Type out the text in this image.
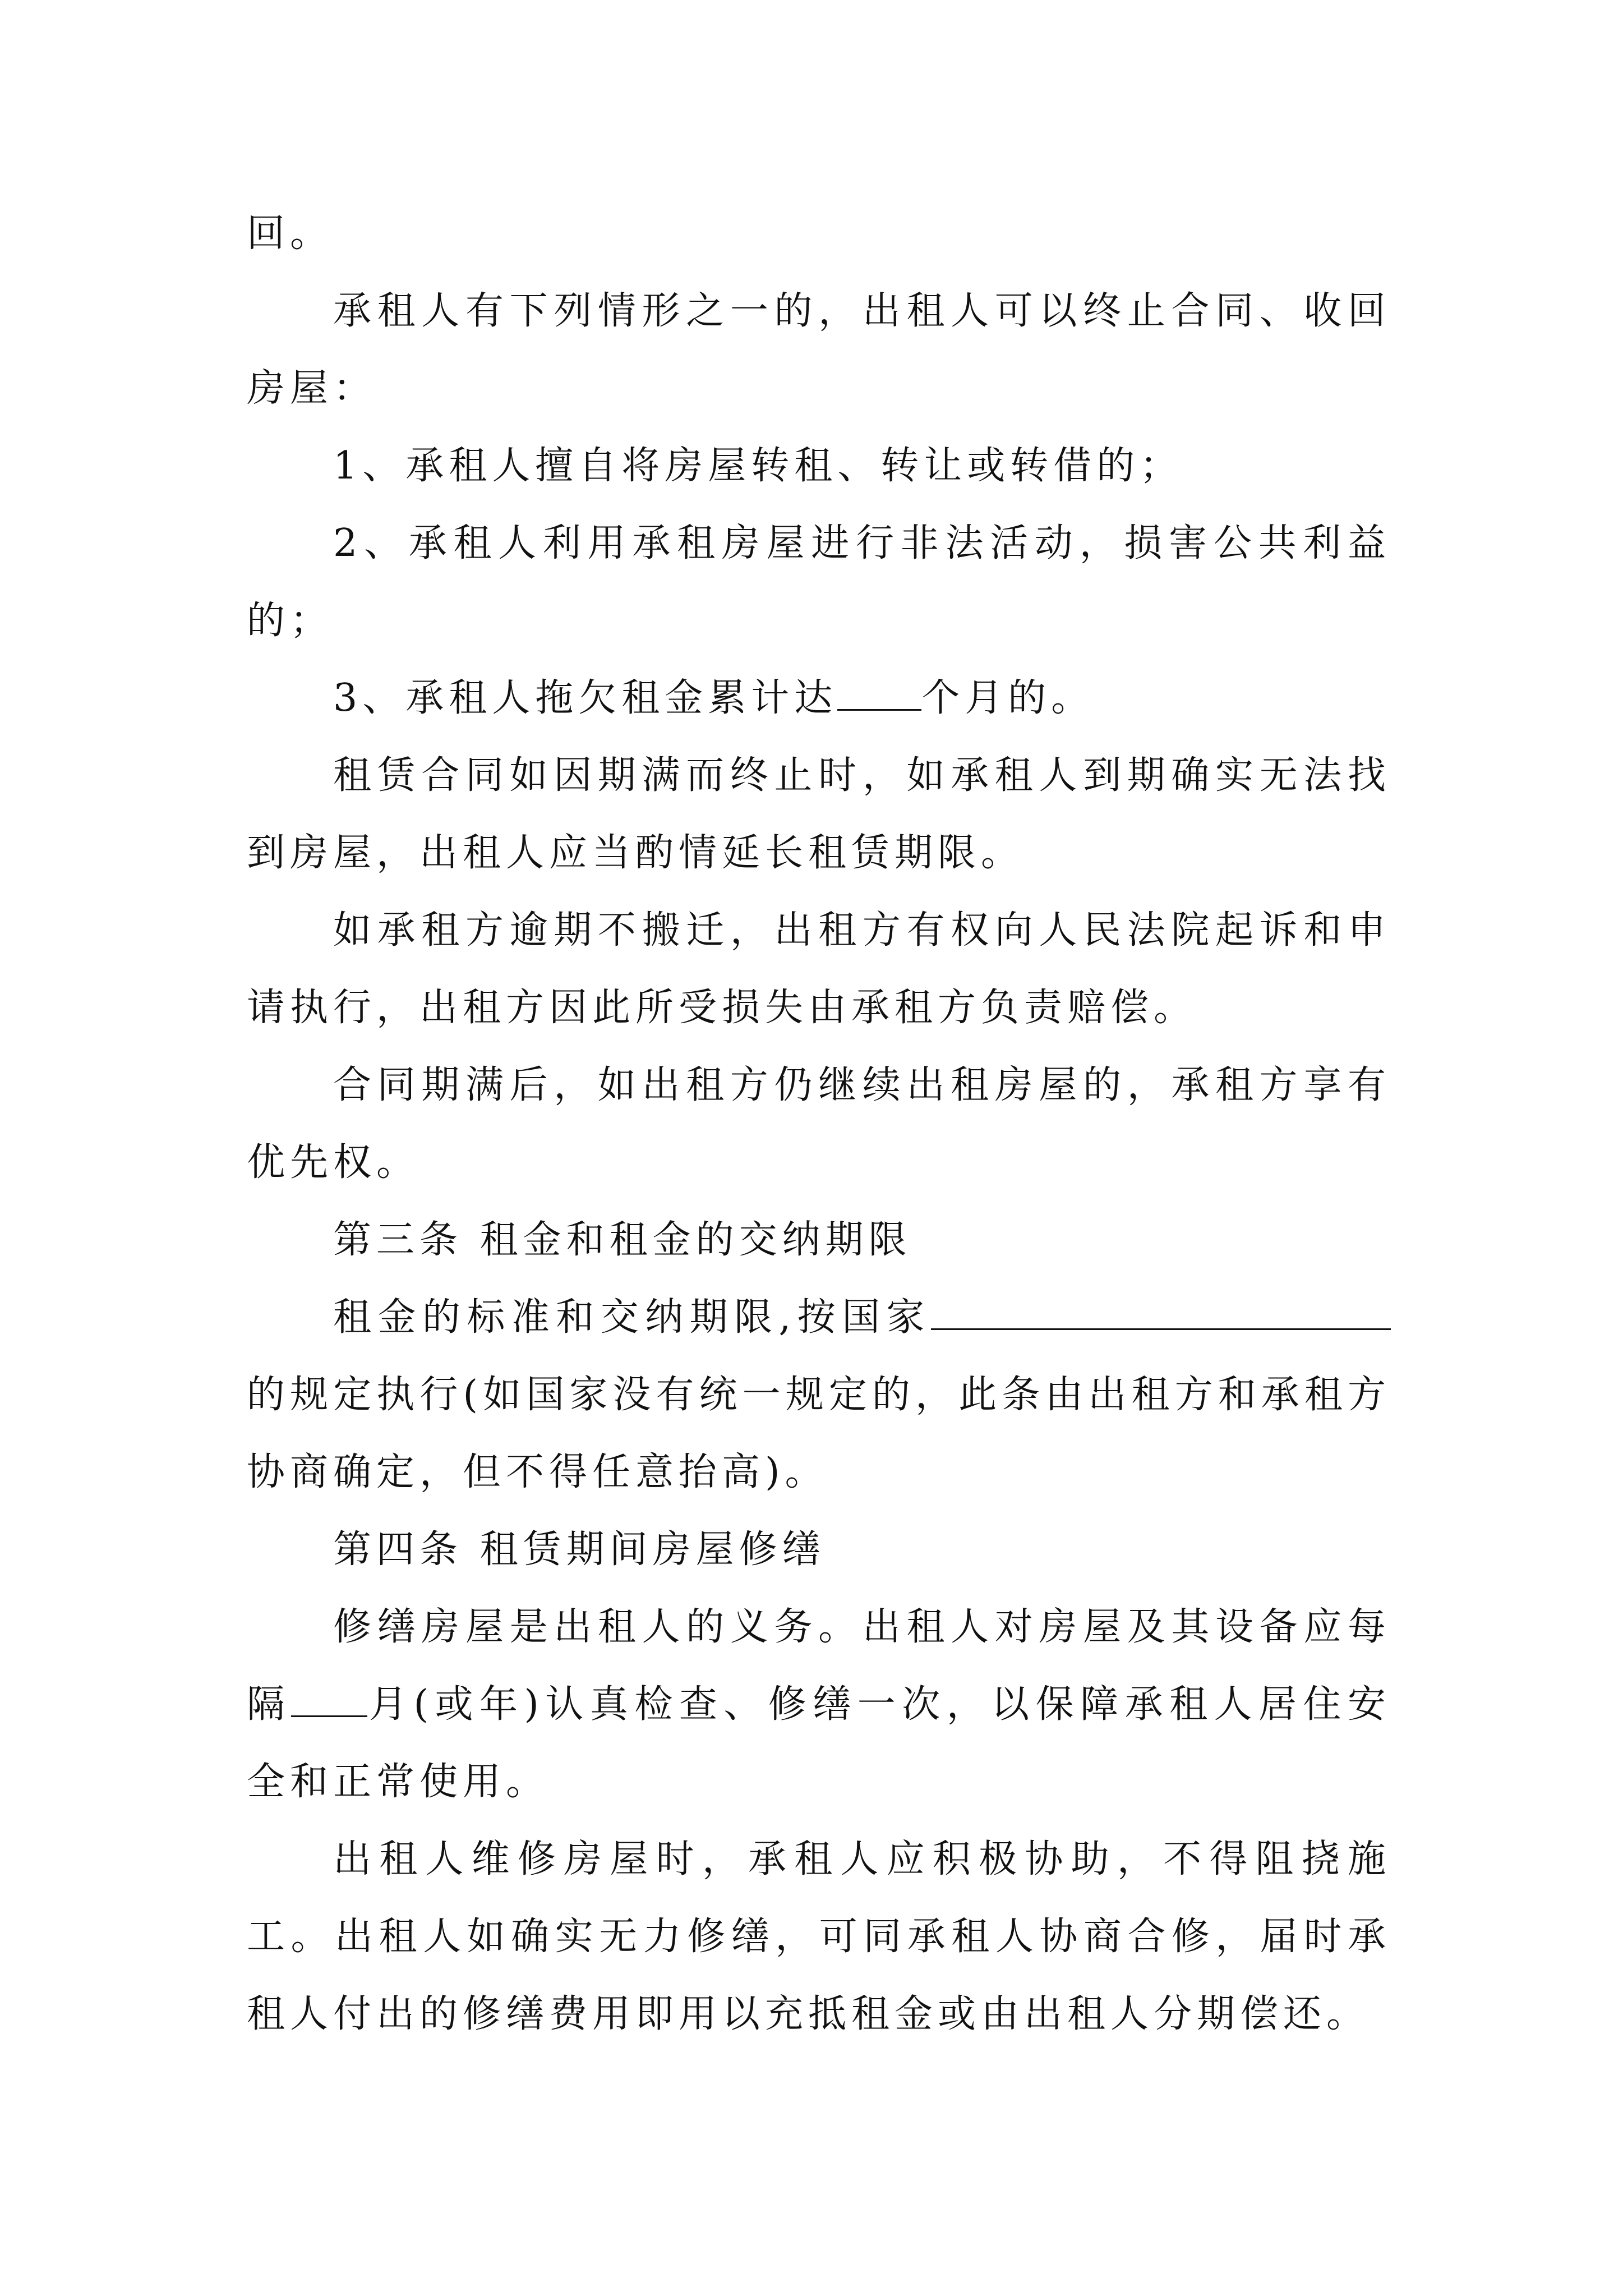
回。

承租人有下列情形之一的，出租人可以终止合同、收回房屋：

1、承租人擅自将房屋转租、转让或转借的；

2、承租人利用承租房屋进行非法活动，损害公共利益的；

3、承租人拖欠租金累计达 个月的。

租赁合同如因期满而终止时，如承租人到期确实无法找到房屋，出租人应当酌情延长租赁期限。

如承租方逾期不搬迁，出租方有权向人民法院起诉和申请执行，出租方因此所受损失由承租方负责赔偿。

合同期满后，如出租方仍继续出租房屋的，承租方享有优先权。

第三条 租金和租金的交纳期限

租金的标准和交纳期限,按国家的规定执行(如国家没有统一规定的，此条由出租方和承租方协商确定，但不得任意抬高)。

第四条 租赁期间房屋修缮

修缮房屋是出租人的义务。出租人对房屋及其设备应每隔 月(或年)认真检查、修缮一次，以保障承租人居住安全和正常使用。

出租人维修房屋时，承租人应积极协助，不得阻挠施工。出租人如确实无力修缮，可同承租人协商合修，届时承租人付出的修缮费用即用以充抵租金或由出租人分期偿还。
